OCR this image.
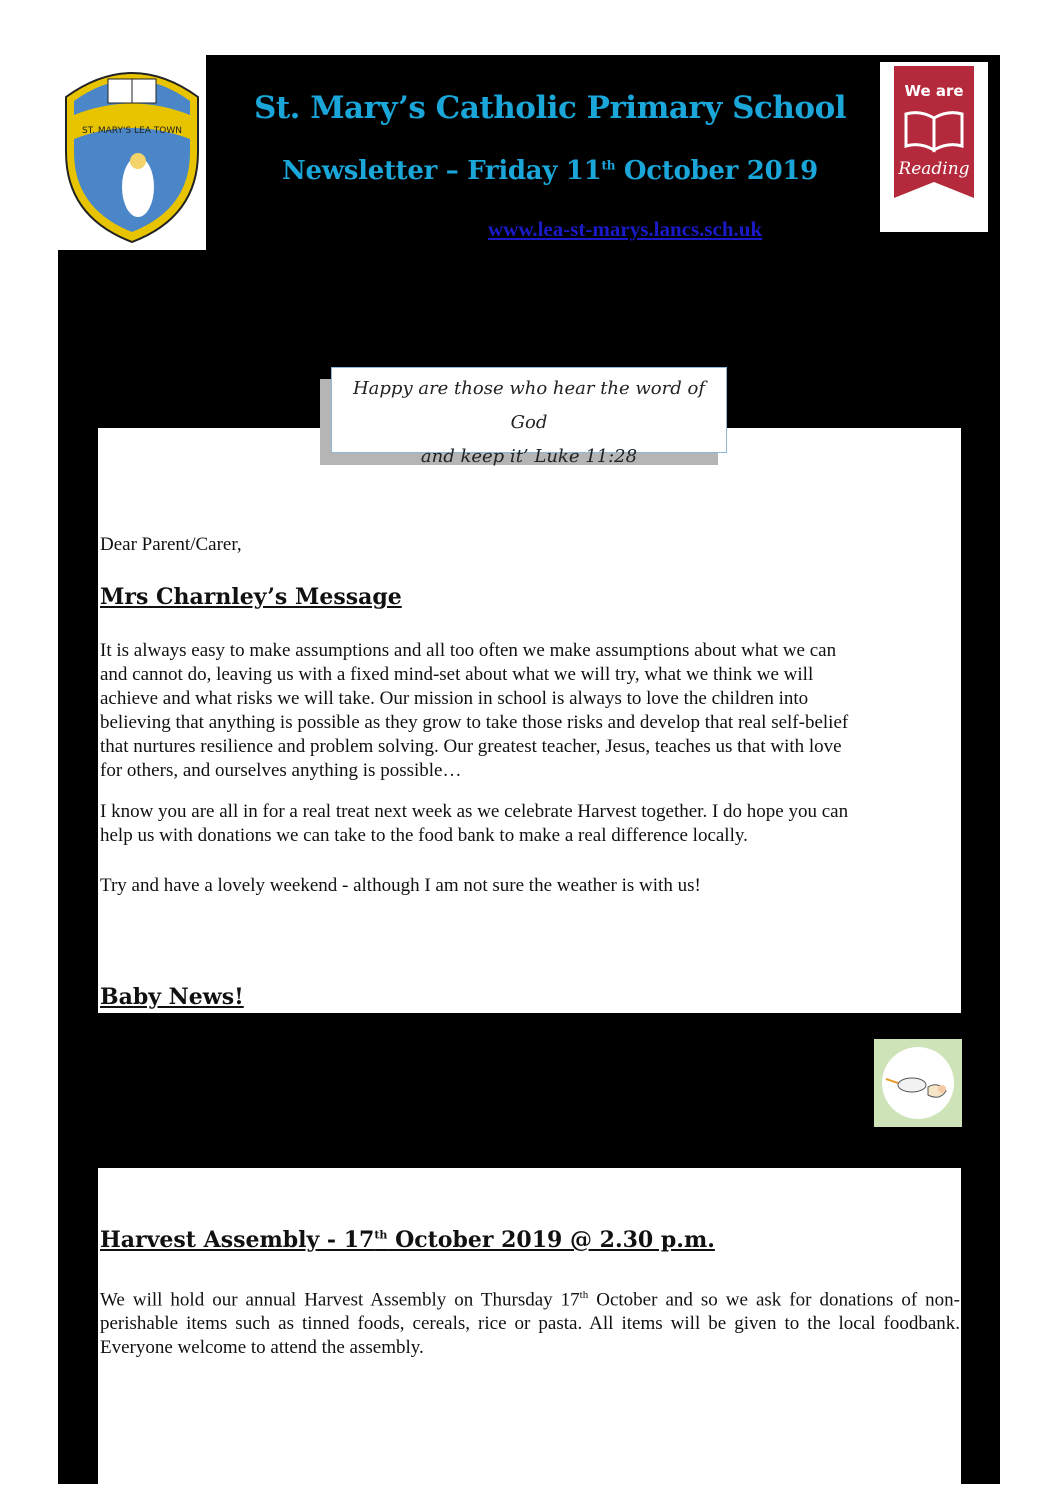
ST. MARY'S LEA TOWN
St. Mary’s Catholic Primary School
Newsletter – Friday 11th October 2019
www.lea-st-marys.lancs.sch.uk
We are
Reading
Happy are those who hear the word of God
and keep it’ Luke 11:28
Dear Parent/Carer,
Mrs Charnley’s Message
It is always easy to make assumptions and all too often we make assumptions about what we can
and cannot do, leaving us with a fixed mind-set about what we will try, what we think we will
achieve and what risks we will take. Our mission in school is always to love the children into
believing that anything is possible as they grow to take those risks and develop that real self-belief
that nurtures resilience and problem solving. Our greatest teacher, Jesus, teaches us that with love
for others, and ourselves anything is possible…
I know you are all in for a real treat next week as we celebrate Harvest together. I do hope you can
help us with donations we can take to the food bank to make a real difference locally.
Try and have a lovely weekend - although I am not sure the weather is with us!
Baby News!
Harvest Assembly - 17th October 2019 @ 2.30 p.m.
We will hold our annual Harvest Assembly on Thursday 17th October and so we ask for donations of non-perishable items such as tinned foods, cereals, rice or pasta. All items will be given to the local foodbank. Everyone welcome to attend the assembly.
